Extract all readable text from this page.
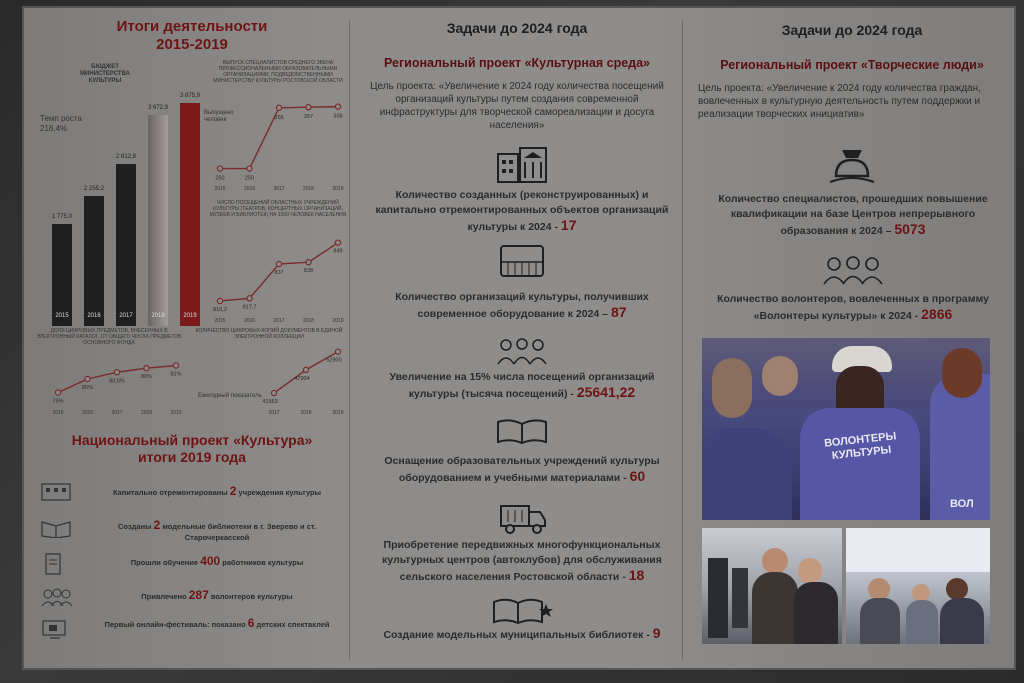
Итоги деятельности
2015-2019
БЮДЖЕТ МИНИСТЕРСТВА КУЛЬТУРЫ
Темп роста
218,4%
1 775,0
2015
2 255,2
2016
2 812,8
2017
3 672,9
2018
3 875,9
2019
ВЫПУСК СПЕЦИАЛИСТОВ СРЕДНЕГО ЗВЕНА ПРОФЕССИОНАЛЬНЫМИ ОБРАЗОВАТЕЛЬНЫМИ ОРГАНИЗАЦИЯМИ, ПОДВЕДОМСТВЕННЫМИ МИНИСТЕРСТВУ КУЛЬТУРЫ РОСТОВСКОЙ ОБЛАСТИ
Выпущено человек
250
2015
250
2016
356
2017
357
2018
358
2019
ЧИСЛО ПОСЕЩЕНИЙ ОБЛАСТНЫХ УЧРЕЖДЕНИЙ КУЛЬТУРЫ (ТЕАТРОВ, КОНЦЕРТНЫХ ОРГАНИЗАЦИЙ, МУЗЕЕВ И БИБЛИОТЕК) НА 1000 ЧЕЛОВЕК НАСЕЛЕНИЯ
816,2
2015
817,7
2016
837
2017
838
2018
849
2019
ДОЛЯ ЦИФРОВЫХ ПРЕДМЕТОВ, ВНЕСЕННЫХ В ЭЛЕКТРОННЫЙ КАТАЛОГ, ОТ ОБЩЕГО ЧИСЛА ПРЕДМЕТОВ ОСНОВНОГО ФОНДА
79%
2015
80%
2016
80,5%
2017
80%
2018
81%
2019
КОЛИЧЕСТВО ЦИФРОВЫХ КОПИЙ ДОКУМЕНТОВ В ЕДИНОЙ ЭЛЕКТРОННОЙ КОЛЛЕКЦИИ
Ежегодный показатель
41553
2017
47904
2018
52900
2019
Национальный проект «Культура»
итоги 2019 года
Задачи до 2024 года
Региональный проект «Культурная среда»
Цель проекта: «Увеличение к 2024 году количества посещений организаций культуры путем создания современной инфраструктуры для творческой самореализации и досуга населения»
Задачи до 2024 года
Региональный проект «Творческие люди»
Цель проекта: «Увеличение к 2024 году количества граждан, вовлеченных в культурную деятельность путем поддержки и реализации творческих инициатив»
ВОЛОНТЕРЫ КУЛЬТУРЫ
ВОЛ
Количество созданных (реконструированных) и капитально отремонтированных объектов организаций культуры к 2024 - 17
Количество организаций культуры, получивших современное оборудование к 2024 – 87
Увеличение на 15% числа посещений организаций культуры (тысяча посещений) - 25641,22
Оснащение образовательных учреждений культуры оборудованием и учебными материалами - 60
Приобретение передвижных многофункциональных культурных центров (автоклубов) для обслуживания сельского населения Ростовской области - 18
Создание модельных муниципальных библиотек - 9
Количество специалистов, прошедших повышение квалификации на базе Центров непрерывного образования к 2024 – 5073
Количество волонтеров, вовлеченных в программу «Волонтеры культуры» к 2024 - 2866
Капитально отремонтированы 2 учреждения культуры
Созданы 2 модельные библиотеки в г. Зверево и ст. Старочеркасской
Прошли обучение 400 работников культуры
Привлечено 287 волонтеров культуры
Первый онлайн-фестиваль: показано 6 детских спектаклей
